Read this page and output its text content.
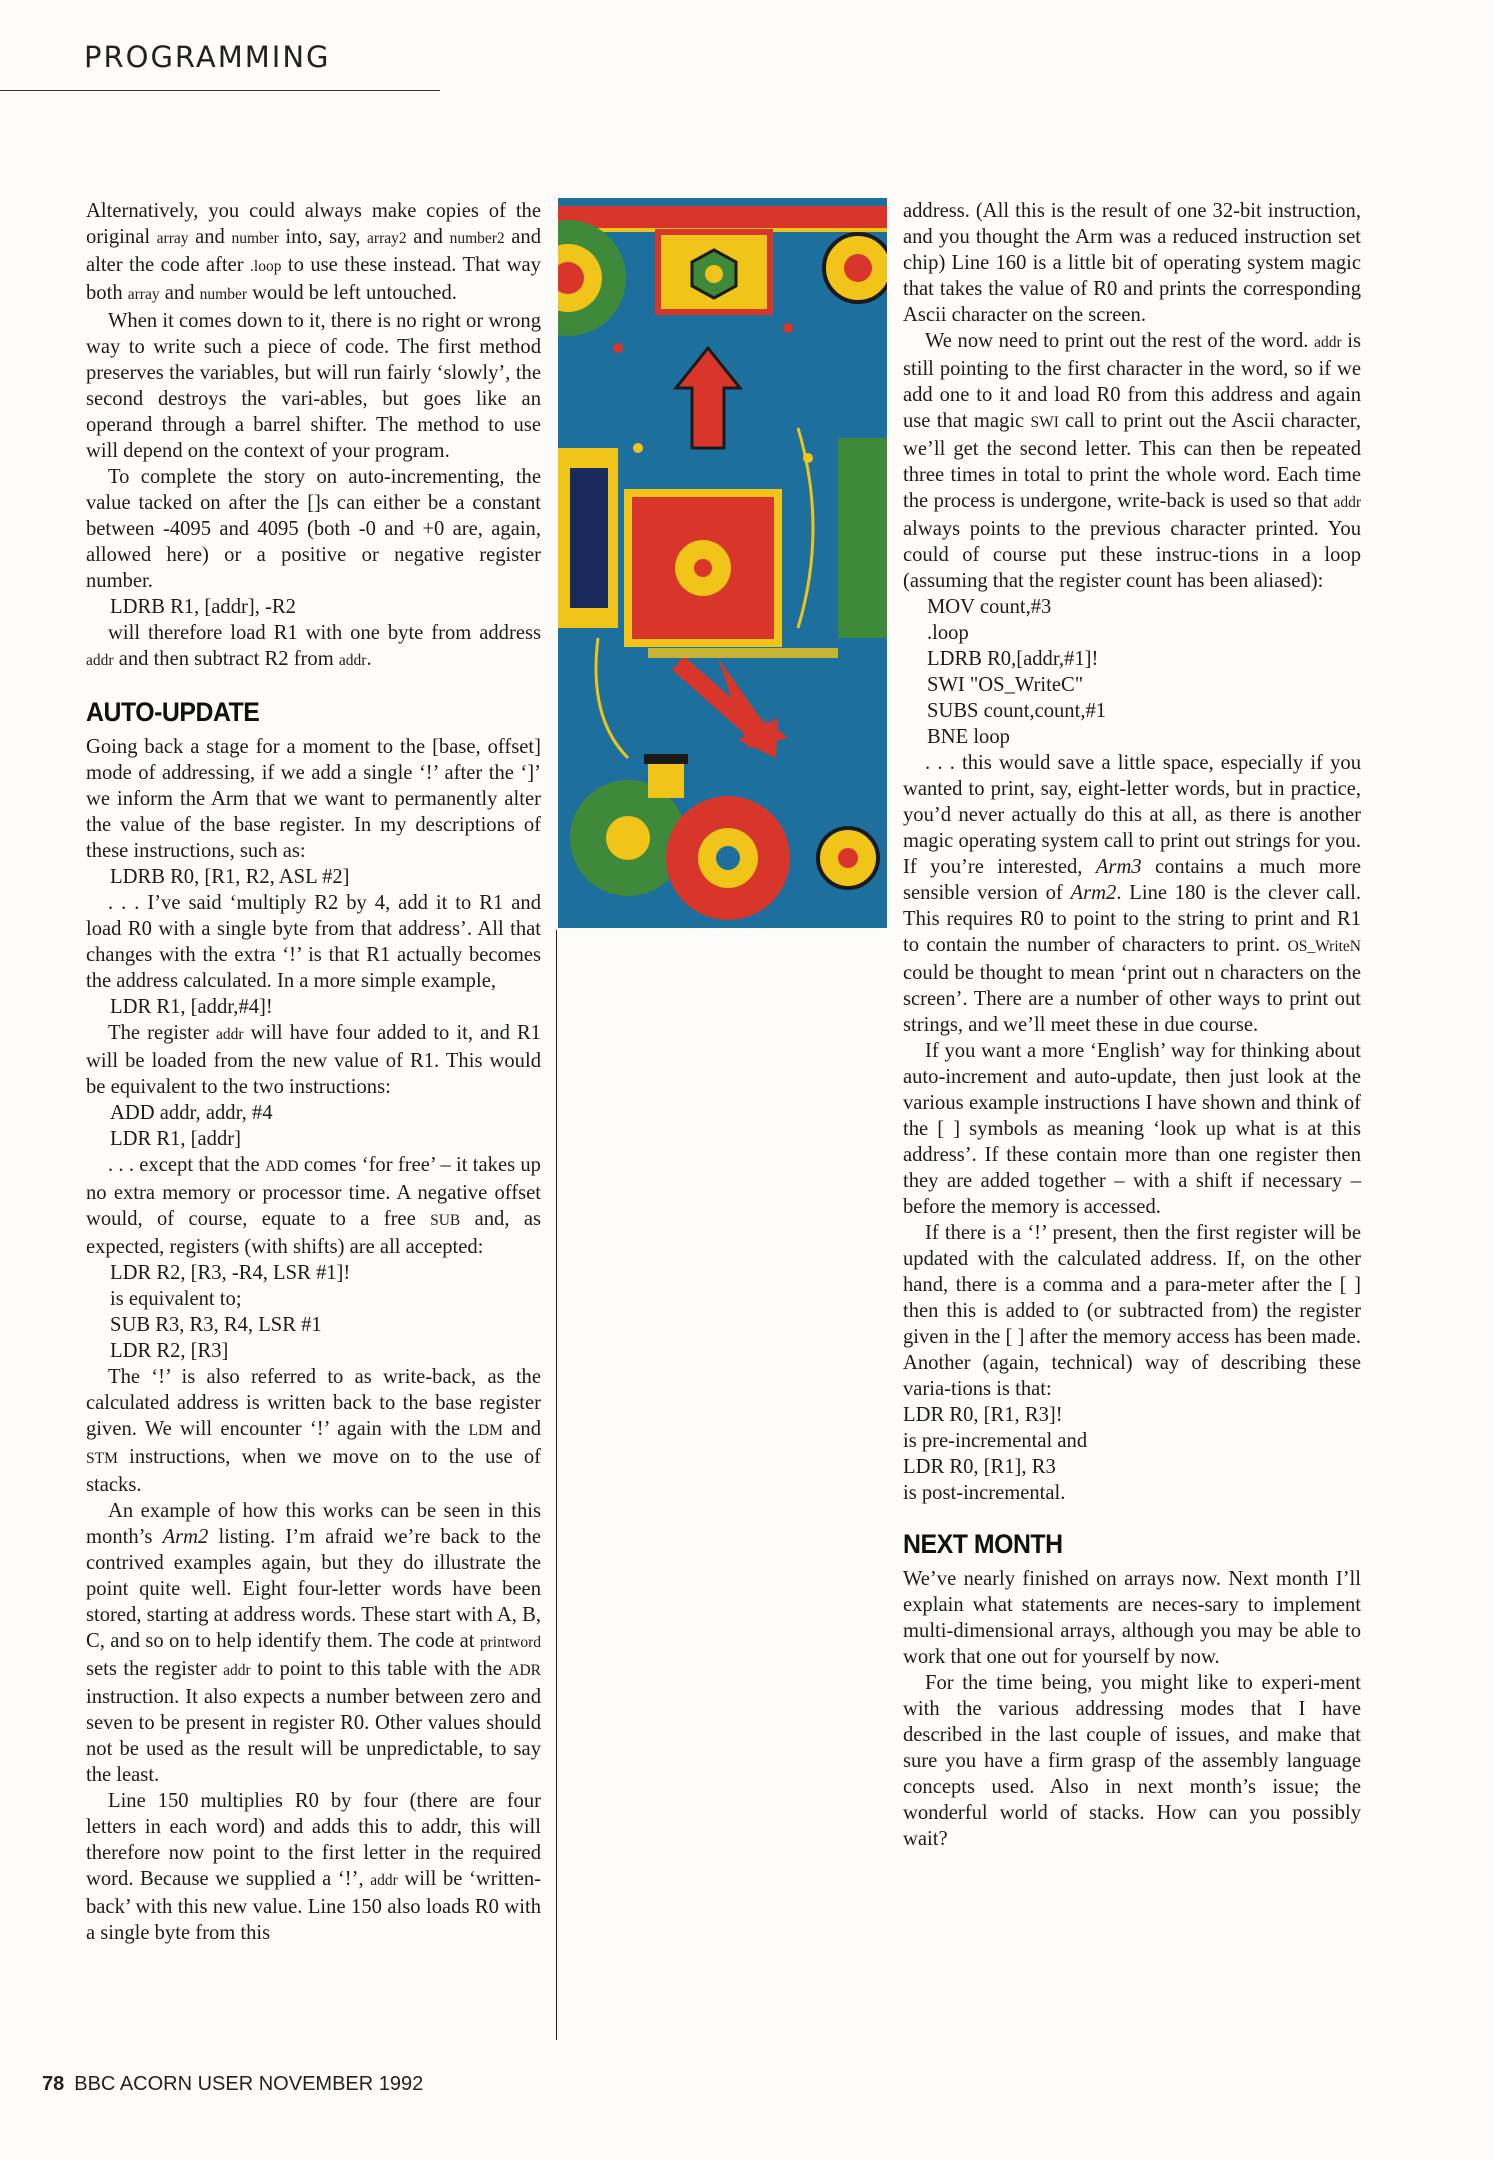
PROGRAMMING

Alternatively, you could always make copies of the original array and number into, say, array2 and number2 and alter the code after .loop to use these instead. That way both array and number would be left untouched.

When it comes down to it, there is no right or wrong way to write such a piece of code. The first method preserves the variables, but will run fairly ‘slowly’, the second destroys the vari-ables, but goes like an operand through a barrel shifter. The method to use will depend on the context of your program.

To complete the story on auto-incrementing, the value tacked on after the []s can either be a constant between -4095 and 4095 (both -0 and +0 are, again, allowed here) or a positive or negative register number.

LDRB R1, [addr], -R2

will therefore load R1 with one byte from address addr and then subtract R2 from addr.

AUTO-UPDATE

Going back a stage for a moment to the [base, offset] mode of addressing, if we add a single ‘!’ after the ‘]’ we inform the Arm that we want to permanently alter the value of the base register. In my descriptions of these instructions, such as:

LDRB R0, [R1, R2, ASL #2]

. . . I’ve said ‘multiply R2 by 4, add it to R1 and load R0 with a single byte from that address’. All that changes with the extra ‘!’ is that R1 actually becomes the address calculated. In a more simple example,

LDR R1, [addr,#4]!

The register addr will have four added to it, and R1 will be loaded from the new value of R1. This would be equivalent to the two instructions:

ADD addr, addr, #4
LDR R1, [addr]

. . . except that the ADD comes ‘for free’ – it takes up no extra memory or processor time. A negative offset would, of course, equate to a free SUB and, as expected, registers (with shifts) are all accepted:

LDR R2, [R3, -R4, LSR #1]!
is equivalent to;
SUB R3, R3, R4, LSR #1
LDR R2, [R3]

The ‘!’ is also referred to as write-back, as the calculated address is written back to the base register given. We will encounter ‘!’ again with the LDM and STM instructions, when we move on to the use of stacks.

An example of how this works can be seen in this month’s Arm2 listing. I’m afraid we’re back to the contrived examples again, but they do illustrate the point quite well. Eight four-letter words have been stored, starting at address words. These start with A, B, C, and so on to help identify them. The code at printword sets the register addr to point to this table with the ADR instruction. It also expects a number between zero and seven to be present in register R0. Other values should not be used as the result will be unpredictable, to say the least.

Line 150 multiplies R0 by four (there are four letters in each word) and adds this to addr, this will therefore now point to the first letter in the required word. Because we supplied a ‘!’, addr will be ‘written-back’ with this new value. Line 150 also loads R0 with a single byte from this

address. (All this is the result of one 32-bit instruction, and you thought the Arm was a reduced instruction set chip) Line 160 is a little bit of operating system magic that takes the value of R0 and prints the corresponding Ascii character on the screen.

We now need to print out the rest of the word. addr is still pointing to the first character in the word, so if we add one to it and load R0 from this address and again use that magic SWI call to print out the Ascii character, we’ll get the second letter. This can then be repeated three times in total to print the whole word. Each time the process is undergone, write-back is used so that addr always points to the previous character printed. You could of course put these instruc-tions in a loop (assuming that the register count has been aliased):

MOV count,#3
.loop
LDRB R0,[addr,#1]!
SWI "OS_WriteC"
SUBS count,count,#1
BNE loop

. . . this would save a little space, especially if you wanted to print, say, eight-letter words, but in practice, you’d never actually do this at all, as there is another magic operating system call to print out strings for you. If you’re interested, Arm3 contains a much more sensible version of Arm2. Line 180 is the clever call. This requires R0 to point to the string to print and R1 to contain the number of characters to print. OS_WriteN could be thought to mean ‘print out n characters on the screen’. There are a number of other ways to print out strings, and we’ll meet these in due course.

If you want a more ‘English’ way for thinking about auto-increment and auto-update, then just look at the various example instructions I have shown and think of the [ ] symbols as meaning ‘look up what is at this address’. If these contain more than one register then they are added together – with a shift if necessary – before the memory is accessed.

If there is a ‘!’ present, then the first register will be updated with the calculated address. If, on the other hand, there is a comma and a para-meter after the [ ] then this is added to (or subtracted from) the register given in the [ ] after the memory access has been made. Another (again, technical) way of describing these varia-tions is that:

LDR R0, [R1, R3]!
is pre-incremental and
LDR R0, [R1], R3
is post-incremental.
NEXT MONTH

We’ve nearly finished on arrays now. Next month I’ll explain what statements are neces-sary to implement multi-dimensional arrays, although you may be able to work that one out for yourself by now.

For the time being, you might like to experi-ment with the various addressing modes that I have described in the last couple of issues, and make that sure you have a firm grasp of the assembly language concepts used. Also in next month’s issue; the wonderful world of stacks. How can you possibly wait?

78 BBC ACORN USER NOVEMBER 1992
